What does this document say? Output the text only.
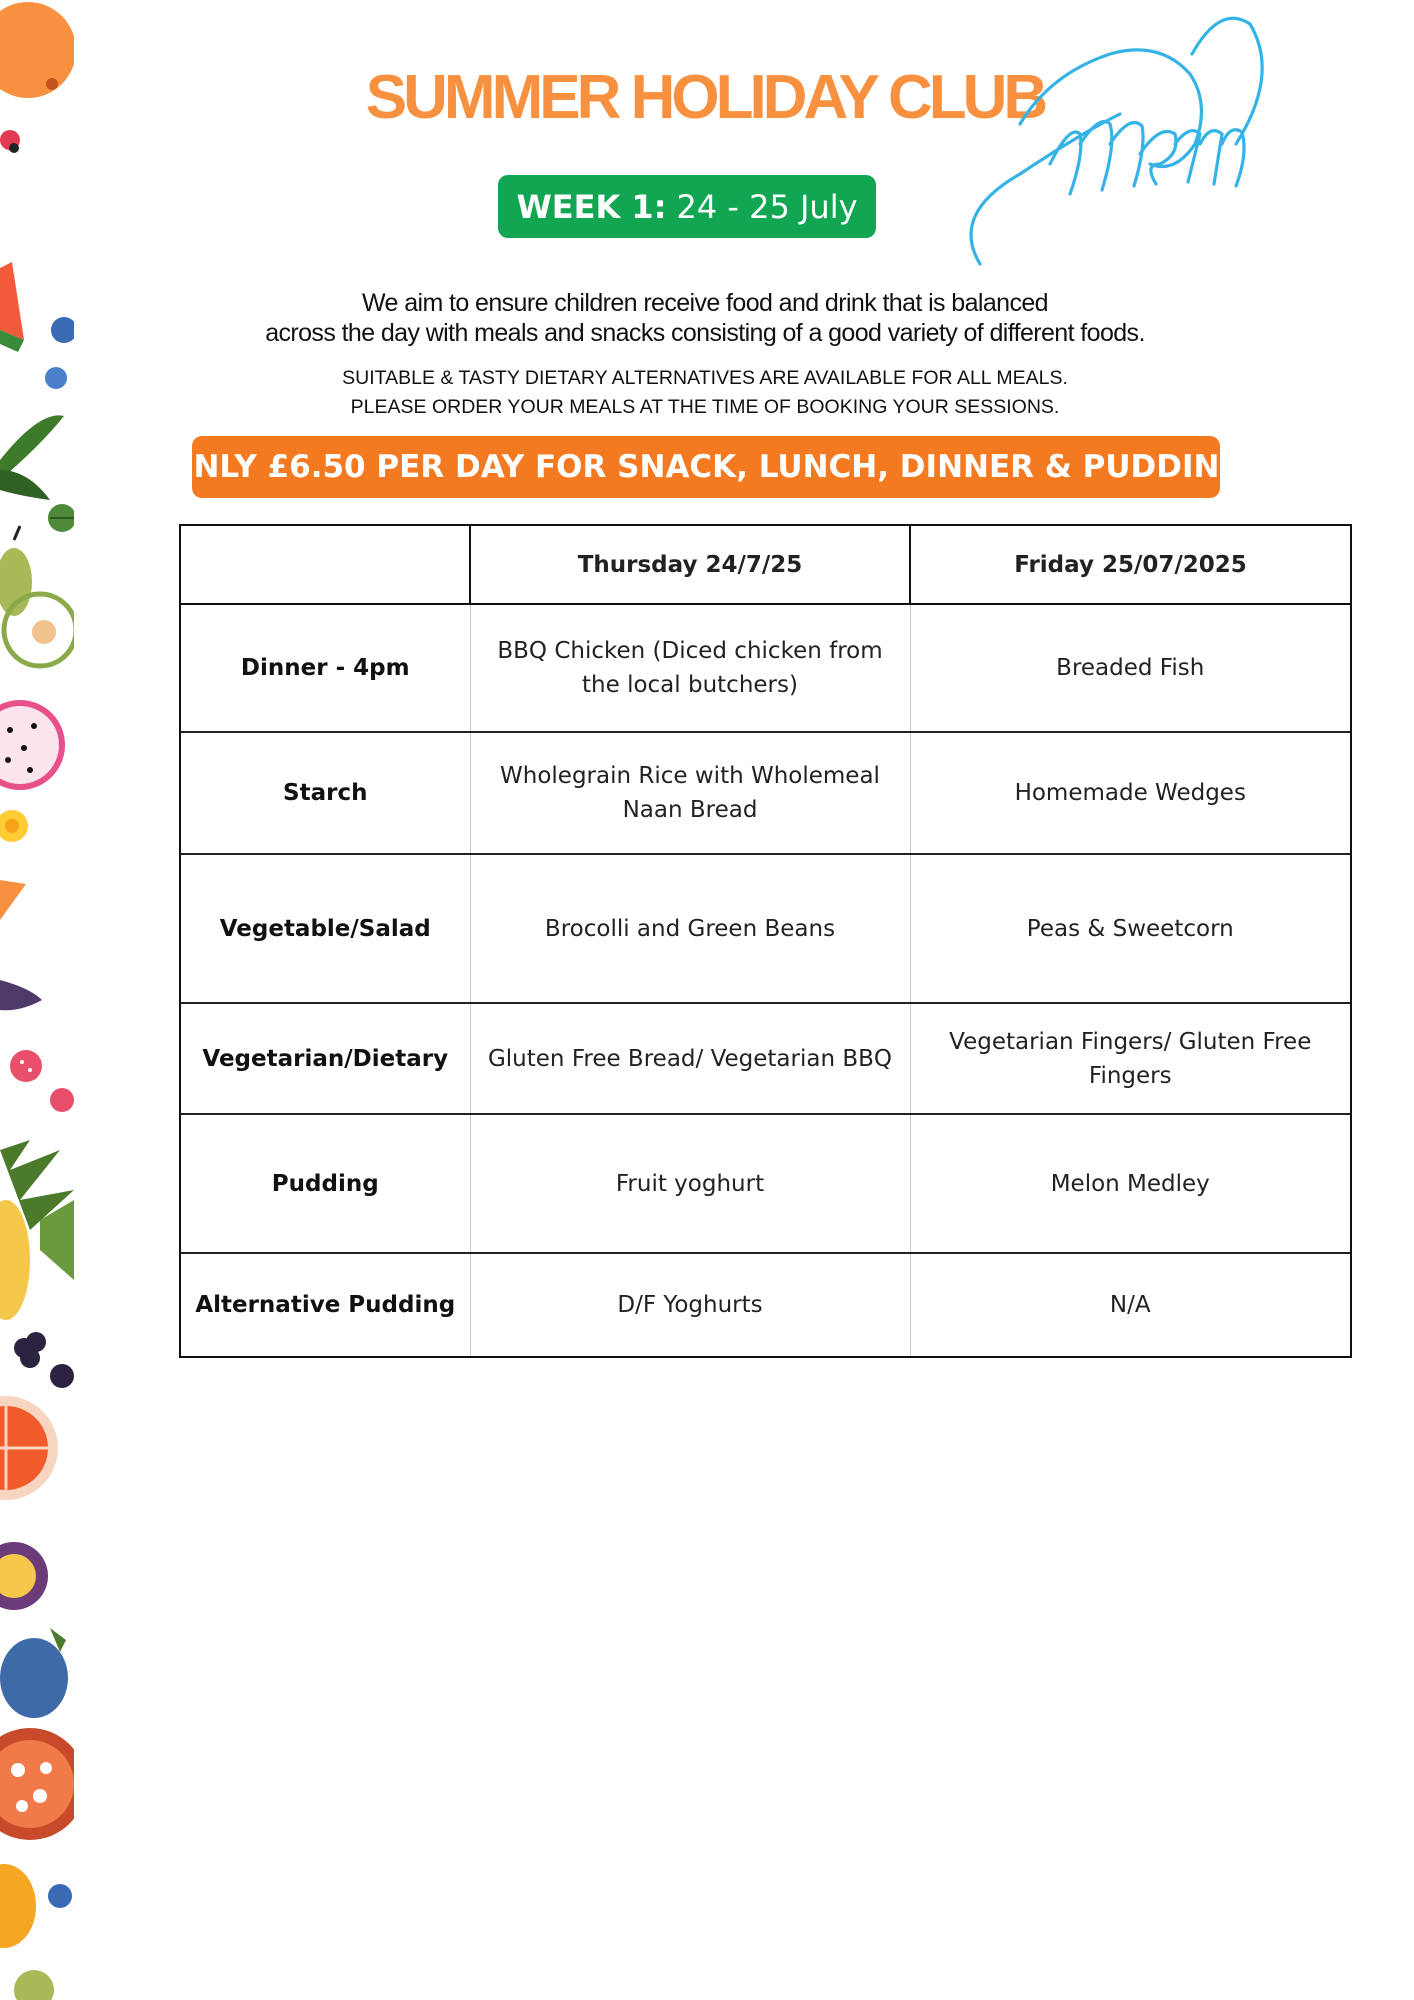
SUMMER HOLIDAY CLUB
WEEK 1: 24 - 25 July
We aim to ensure children receive food and drink that is balanced
across the day with meals and snacks consisting of a good variety of different foods.
SUITABLE & TASTY DIETARY ALTERNATIVES ARE AVAILABLE FOR ALL MEALS.
PLEASE ORDER YOUR MEALS AT THE TIME OF BOOKING YOUR SESSIONS.
ONLY £6.50 PER DAY FOR SNACK, LUNCH, DINNER & PUDDING
	Thursday 24/7/25	Friday 25/07/2025
Dinner - 4pm	BBQ Chicken (Diced chicken from the local butchers)	Breaded Fish
Starch	Wholegrain Rice with Wholemeal Naan Bread	Homemade Wedges
Vegetable/Salad	Brocolli and Green Beans	Peas & Sweetcorn
Vegetarian/Dietary	Gluten Free Bread/ Vegetarian BBQ	Vegetarian Fingers/ Gluten Free Fingers
Pudding	Fruit yoghurt	Melon Medley
Alternative Pudding	D/F Yoghurts	N/A
